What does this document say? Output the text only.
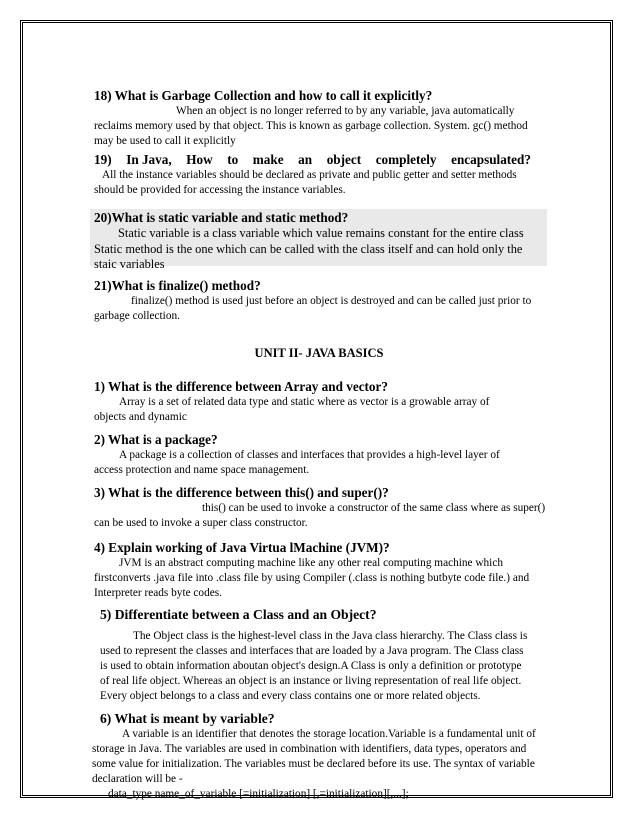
18) What is Garbage Collection and how to call it explicitly?

When an object is no longer referred to by any variable, java automatically

reclaims memory used by that object. This is known as garbage collection. System. gc() method

may be used to call it explicitly

19) In Java, How to make an object completely encapsulated?

All the instance variables should be declared as private and public getter and setter methods

should be provided for accessing the instance variables.

20)What is static variable and static method?

Static variable is a class variable which value remains constant for the entire class

Static method is the one which can be called with the class itself and can hold only the

staic variables

21)What is finalize() method?

finalize() method is used just before an object is destroyed and can be called just prior to

garbage collection.

UNIT II- JAVA BASICS

1) What is the difference between Array and vector?

Array is a set of related data type and static where as vector is a growable array of

objects and dynamic

2) What is a package?

A package is a collection of classes and interfaces that provides a high-level layer of

access protection and name space management.

3) What is the difference between this() and super()?

this() can be used to invoke a constructor of the same class where as super()

can be used to invoke a super class constructor.

4) Explain working of Java Virtua lMachine (JVM)?

JVM is an abstract computing machine like any other real computing machine which

firstconverts .java file into .class file by using Compiler (.class is nothing butbyte code file.) and

Interpreter reads byte codes.

5) Differentiate between a Class and an Object?

The Object class is the highest-level class in the Java class hierarchy. The Class class is

used to represent the classes and interfaces that are loaded by a Java program. The Class class

is used to obtain information aboutan object's design.A Class is only a definition or prototype

of real life object. Whereas an object is an instance or living representation of real life object.

Every object belongs to a class and every class contains one or more related objects.

6) What is meant by variable?

A variable is an identifier that denotes the storage location.Variable is a fundamental unit of

storage in Java. The variables are used in combination with identifiers, data types, operators and

some value for initialization. The variables must be declared before its use. The syntax of variable

declaration will be -

data_type name_of_variable [=initialization] [,=initialization][,...];
